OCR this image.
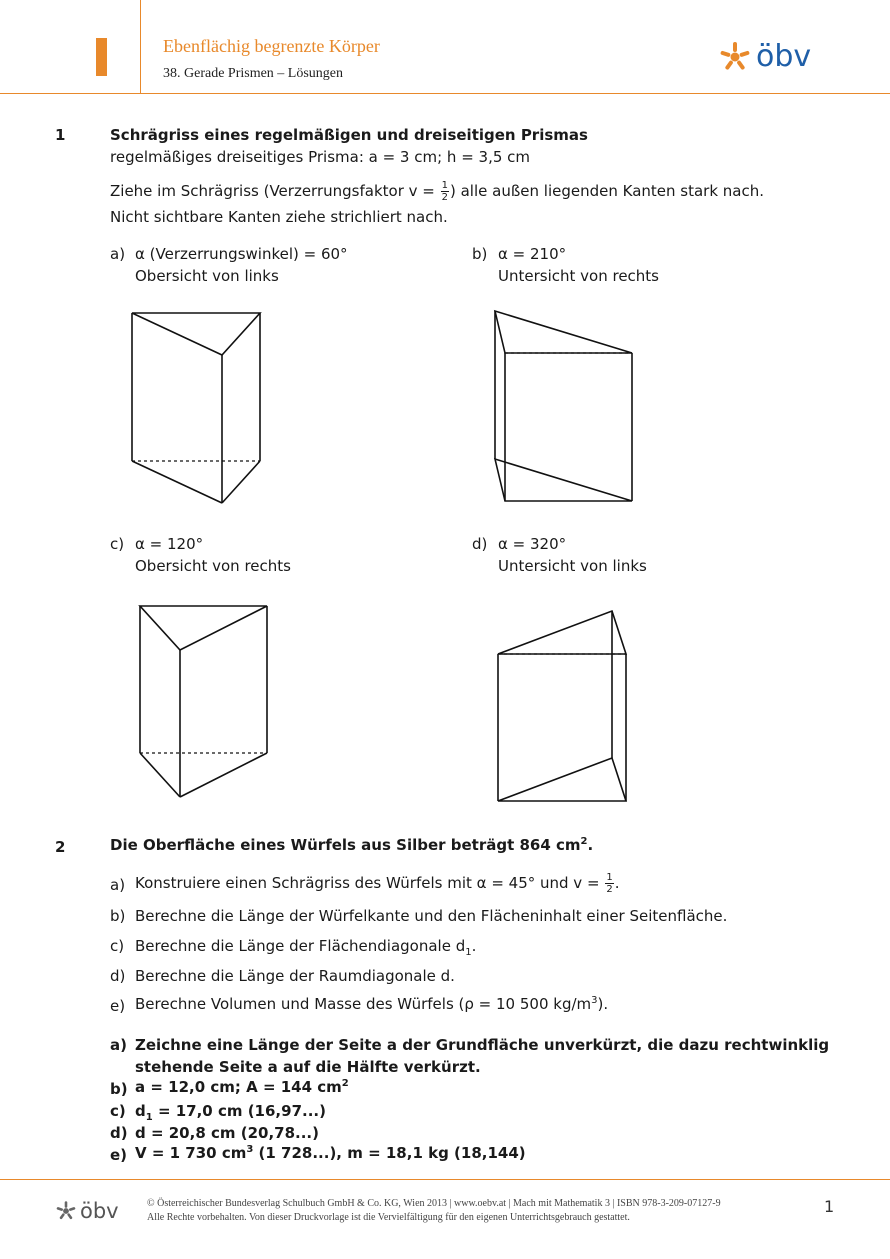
Ebenflächig begrenzte Körper
38. Gerade Prismen – Lösungen	öbv
1	Schrägriss eines regelmäßigen und dreiseitigen Prismas
regelmäßiges dreiseitiges Prisma: a = 3 cm; h = 3,5 cm
Ziehe im Schrägriss (Verzerrungsfaktor $v = \frac{1}{2}$ ) alle außen liegenden Kanten stark nach.
Nicht sichtbare Kanten ziehe strichliert nach.
a) α (Verzerrungswinkel) = 60°
Obersicht von links
b) α = 210°
Untersicht von rechts
c) α = 120°
Obersicht von rechts
d) α = 320°
Untersicht von links
2	Die Oberfläche eines Würfels aus Silber beträgt 864 $cm^2$.
a) Konstruiere einen Schrägriss des Würfels mit α = 45° und $v = \frac{1}{2}$ .
b) Berechne die Länge der Würfelkante und den Flächeninhalt einer Seitenfläche.
c) Berechne die Länge der Flächendiagonale $d_1$.
d) Berechne die Länge der Raumdiagonale d.
e) Berechne Volumen und Masse des Würfels (ρ = 10 500 $kg/m^3$).
a) Zeichne eine Länge der Seite a der Grundfläche unverkürzt, die dazu rechtwinklig
stehende Seite a auf die Hälfte verkürzt.
b) a = 12,0 cm; A = 144 $cm^2$
c) $d_1 = 17,0$ cm (16,97...)
d) d = 20,8 cm (20,78...)
e) V = 1 730 $cm^3$ (1 728...), m = 18,1 kg (18,144)
öbv	© Österreichischer Bundesverlag Schulbuch GmbH & Co. KG, Wien 2013 | www.oebv.at | Mach mit Mathematik 3 | ISBN 978-3-209-07127-9
Alle Rechte vorbehalten. Von dieser Druckvorlage ist die Vervielfältigung für den eigenen Unterrichtsgebrauch gestattet.
1
